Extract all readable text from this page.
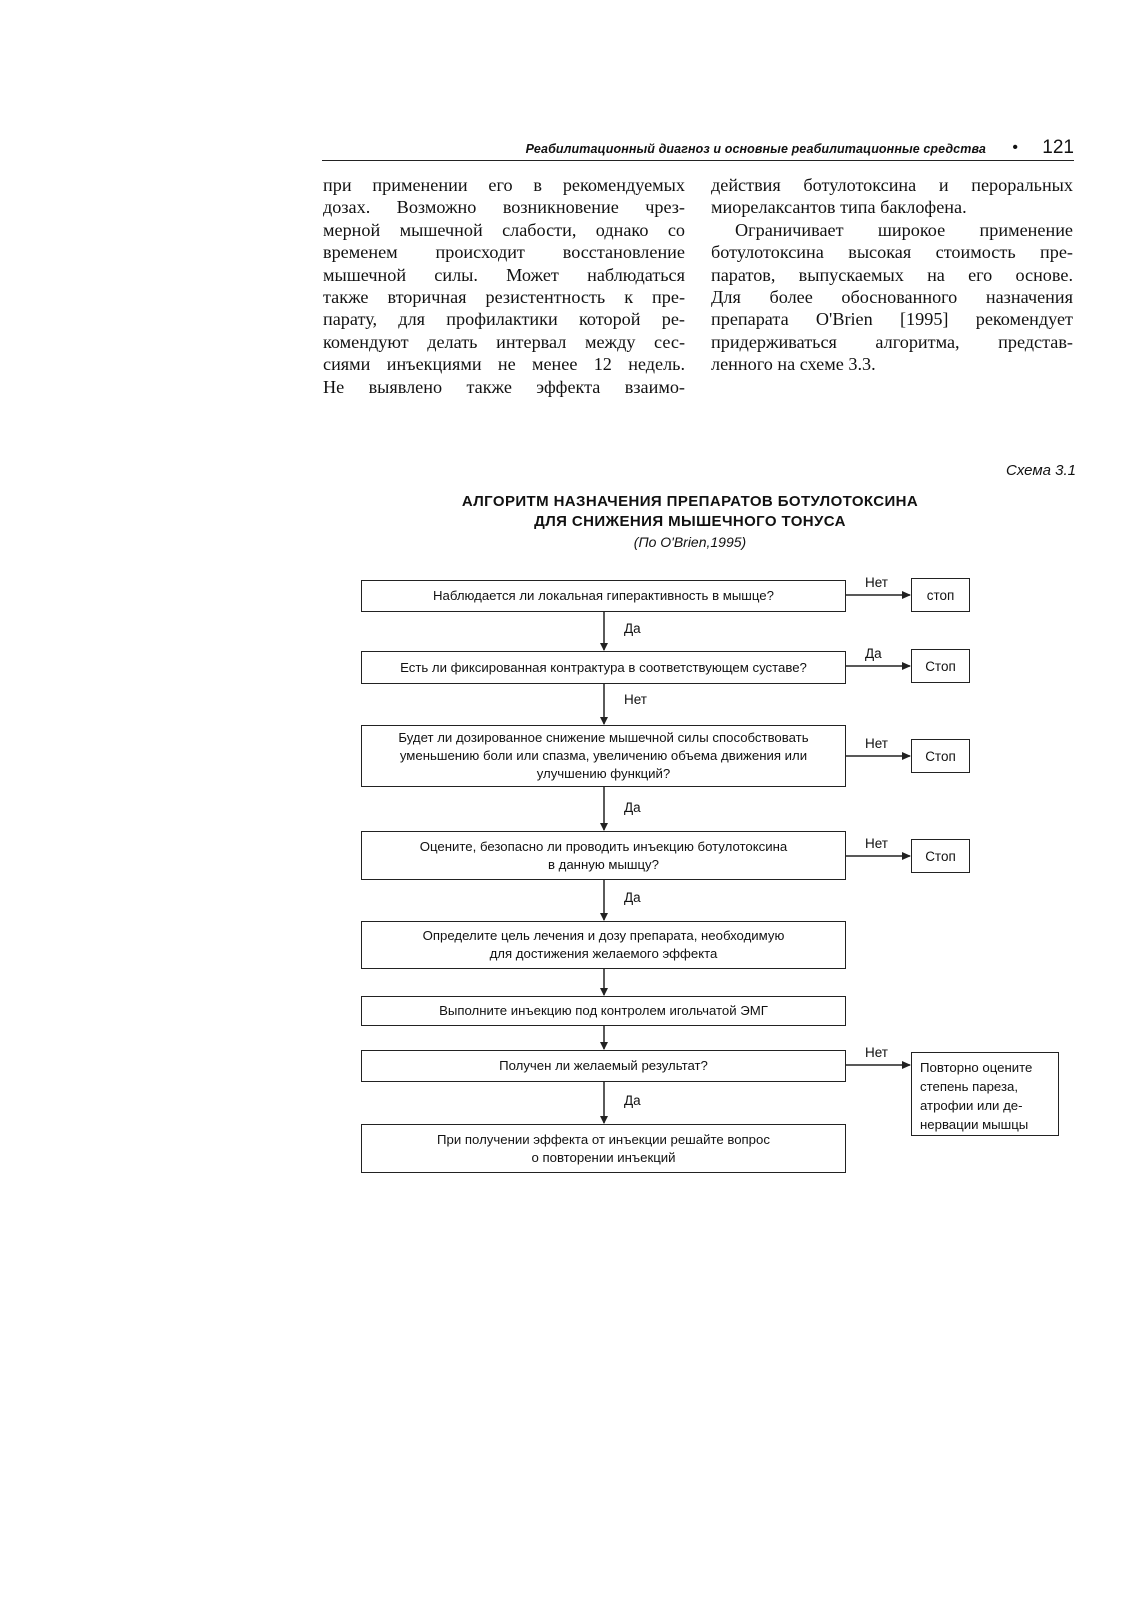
Реабилитационный диагноз и основные реабилитационные средства • 121
при применении его в рекомендуемых
дозах. Возможно возникновение чрез-
мерной мышечной слабости, однако со
временем происходит восстановление
мышечной силы. Может наблюдаться
также вторичная резистентность к пре-
парату, для профилактики которой ре-
комендуют делать интервал между сес-
сиями инъекциями не менее 12 недель.
Не выявлено также эффекта взаимо-
действия ботулотоксина и пероральных
миорелаксантов типа баклофена.
Ограничивает широкое применение
ботулотоксина высокая стоимость пре-
паратов, выпускаемых на его основе.
Для более обоснованного назначения
препарата O'Brien [1995] рекомендует
придерживаться алгоритма, представ-
ленного на схеме 3.3.
Схема 3.1
АЛГОРИТМ НАЗНАЧЕНИЯ ПРЕПАРАТОВ БОТУЛОТОКСИНА
ДЛЯ СНИЖЕНИЯ МЫШЕЧНОГО ТОНУСА
(По O'Brien,1995)
Наблюдается ли локальная гиперактивность в мышце?
Есть ли фиксированная контрактура в соответствующем суставе?
Будет ли дозированное снижение мышечной силы способствовать
уменьшению боли или спазма, увеличению объема движения или
улучшению функций?
Оцените, безопасно ли проводить инъекцию ботулотоксина
в данную мышцу?
Определите цель лечения и дозу препарата, необходимую
для достижения желаемого эффекта
Выполните инъекцию под контролем игольчатой ЭМГ
Получен ли желаемый результат?
При получении эффекта от инъекции решайте вопрос
о повторении инъекций
Да
Нет
Да
Да
Да
стоп
Нет
Стоп
Да
Стоп
Нет
Стоп
Нет
Повторно оцените
степень пареза,
атрофии или де-
нервации мышцы
Нет
